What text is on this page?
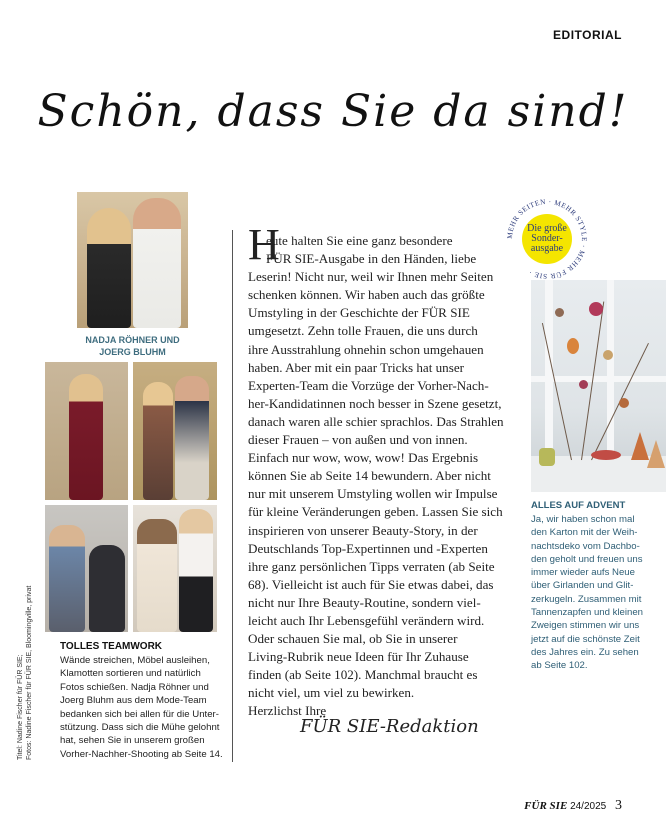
EDITORIAL
Schön, dass Sie da sind!
NADJA RÖHNER UND
JOERG BLUHM
Titel: Nadine Fischer für FÜR SIE; Fotos: Nadine Fischer für FÜR SIE, Bloomingville, privat	TOLLES TEAMWORK
Wände streichen, Möbel ausleihen,
Klamotten sortieren und natürlich
Fotos schießen. Nadja Röhner und
Joerg Bluhm aus dem Mode-Team
bedanken sich bei allen für die Unter-
stützung. Dass sich die Mühe gelohnt
hat, sehen Sie in unserem großen
Vorher-Nachher-Shooting ab Seite 14.
H
eute halten Sie eine ganz besondere
FÜR SIE-Ausgabe in den Händen, liebe
Leserin! Nicht nur, weil wir Ihnen mehr Seiten
schenken können. Wir haben auch das größte
Umstyling in der Geschichte der FÜR SIE
umgesetzt. Zehn tolle Frauen, die uns durch
ihre Ausstrahlung ohnehin schon umgehauen
haben. Aber mit ein paar Tricks hat unser
Experten-Team die Vorzüge der Vorher-Nach-
her-Kandidatinnen noch besser in Szene gesetzt,
danach waren alle schier sprachlos. Das Strahlen
dieser Frauen – von außen und von innen.
Einfach nur wow, wow, wow! Das Ergebnis
können Sie ab Seite 14 bewundern. Aber nicht
nur mit unserem Umstyling wollen wir Impulse
für kleine Veränderungen geben. Lassen Sie sich
inspirieren von unserer Beauty-Story, in der
Deutschlands Top-Expertinnen und -Experten
ihre ganz persönlichen Tipps verraten (ab Seite
68). Vielleicht ist auch für Sie etwas dabei, das
nicht nur Ihre Beauty-Routine, sondern viel-
leicht auch Ihr Lebensgefühl verändern wird.
Oder schauen Sie mal, ob Sie in unserer
Living-Rubrik neue Ideen für Ihr Zuhause
finden (ab Seite 102). Manchmal braucht es
nicht viel, um viel zu bewirken.
Herzlichst Ihre
FÜR SIE-Redaktion
MEHR SEITEN · MEHR STYLE · MEHR FÜR SIE ·
Die große
Sonder-
ausgabe
ALLES AUF ADVENT
Ja, wir haben schon mal
den Karton mit der Weih-
nachtsdeko vom Dachbo-
den geholt und freuen uns
immer wieder aufs Neue
über Girlanden und Glit-
zerkugeln. Zusammen mit
Tannenzapfen und kleinen
Zweigen stimmen wir uns
jetzt auf die schönste Zeit
des Jahres ein. Zu sehen
ab Seite 102.
FÜR SIE 24/2025 3
